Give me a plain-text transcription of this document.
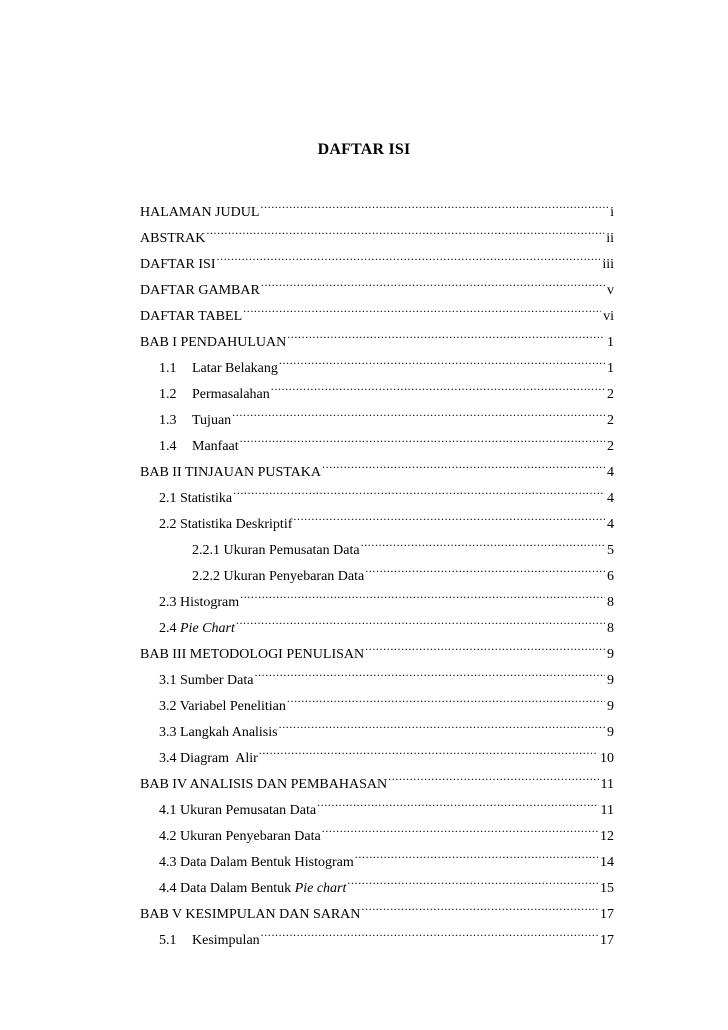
DAFTAR ISI
HALAMAN JUDUL .....	i
ABSTRAK .....	ii
DAFTAR ISI .....	iii
DAFTAR GAMBAR .....	v
DAFTAR TABEL .....	vi
BAB I PENDAHULUAN .....	1
1.1	Latar Belakang .....	1
1.2	Permasalahan .....	2
1.3	Tujuan .....	2
1.4	Manfaat .....	2
BAB II TINJAUAN PUSTAKA .....	4
2.1 Statistika .....	4
2.2 Statistika Deskriptif .....	4
2.2.1 Ukuran Pemusatan Data .....	5
2.2.2 Ukuran Penyebaran Data .....	6
2.3 Histogram .....	8
2.4 Pie Chart .....	8
BAB III METODOLOGI PENULISAN .....	9
3.1 Sumber Data .....	9
3.2 Variabel Penelitian .....	9
3.3 Langkah Analisis .....	9
3.4 Diagram  Alir .....	10
BAB IV ANALISIS DAN PEMBAHASAN .....	11
4.1 Ukuran Pemusatan Data .....	11
4.2 Ukuran Penyebaran Data .....	12
4.3 Data Dalam Bentuk Histogram .....	14
4.4 Data Dalam Bentuk Pie chart .....	15
BAB V KESIMPULAN DAN SARAN .....	17
5.1	Kesimpulan .....	17
